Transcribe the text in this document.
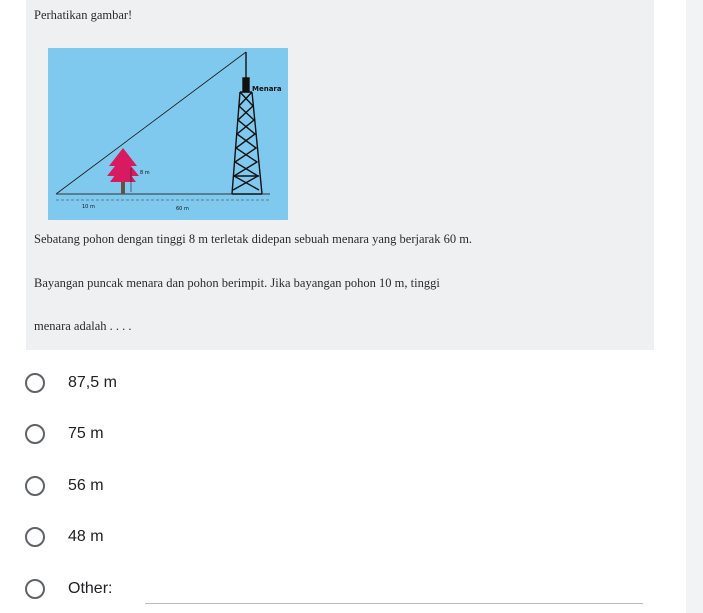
Perhatikan gambar!
Menara
8 m
10 m	60 m
Sebatang pohon dengan tinggi 8 m terletak didepan sebuah menara yang berjarak 60 m.
Bayangan puncak menara dan pohon berimpit. Jika bayangan pohon 10 m, tinggi
menara adalah . . . .
87,5 m
75 m
56 m
48 m
Other:
